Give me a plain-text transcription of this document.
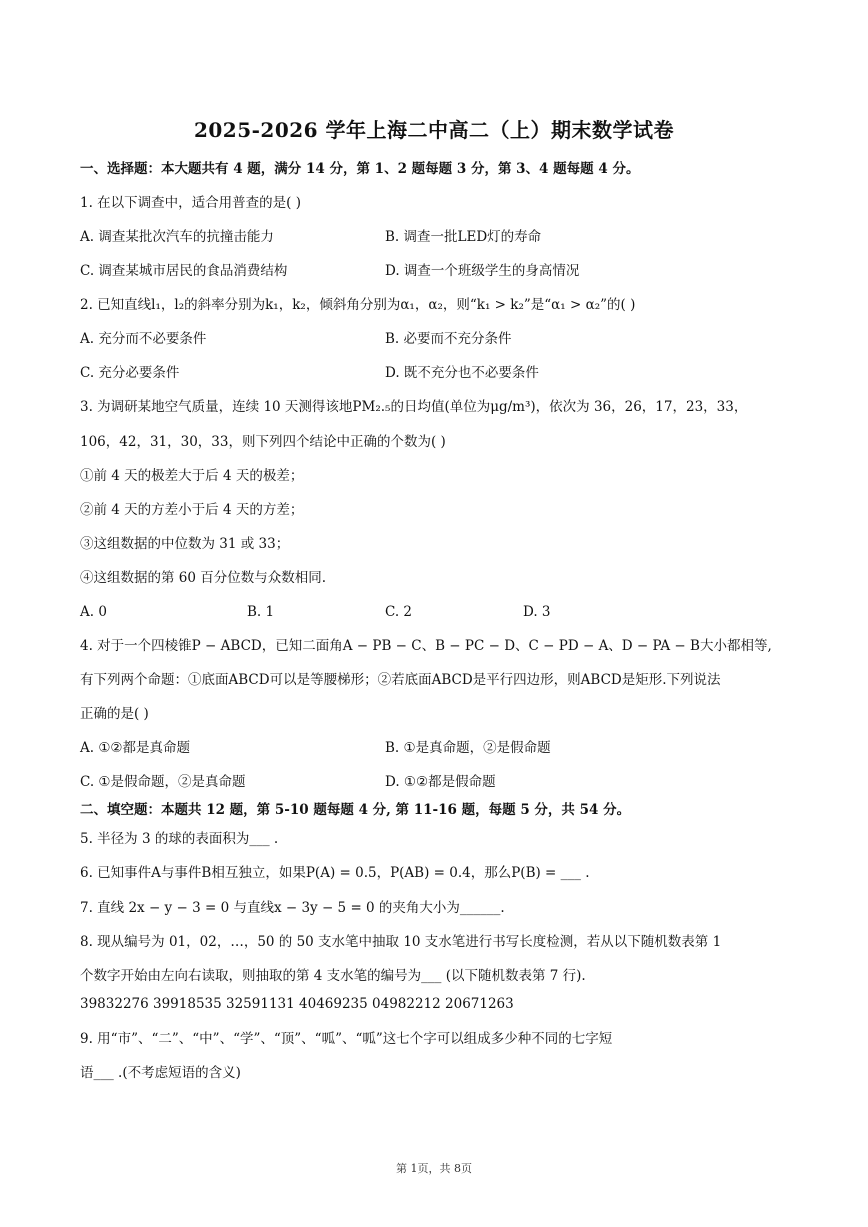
2025-2026 学年上海二中高二（上）期末数学试卷
一、选择题：本大题共有 4 题，满分 14 分，第 1、2 题每题 3 分，第 3、4 题每题 4 分。
1. 在以下调查中，适合用普查的是( )
A. 调查某批次汽车的抗撞击能力	B. 调查一批LED灯的寿命
C. 调查某城市居民的食品消费结构	D. 调查一个班级学生的身高情况
2. 已知直线l₁，l₂的斜率分别为k₁，k₂，倾斜角分别为α₁，α₂，则“k₁ > k₂”是“α₁ > α₂”的( )
A. 充分而不必要条件	B. 必要而不充分条件
C. 充分必要条件	D. 既不充分也不必要条件
3. 为调研某地空气质量，连续 10 天测得该地PM₂.₅的日均值(单位为μg/m³)，依次为 36，26，17，23，33，
106，42，31，30，33，则下列四个结论中正确的个数为( )
①前 4 天的极差大于后 4 天的极差；
②前 4 天的方差小于后 4 天的方差；
③这组数据的中位数为 31 或 33；
④这组数据的第 60 百分位数与众数相同.
A. 0	B. 1	C. 2	D. 3
4. 对于一个四棱锥P − ABCD，已知二面角A − PB − C、B − PC − D、C − PD − A、D − PA − B大小都相等,
有下列两个命题：①底面ABCD可以是等腰梯形；②若底面ABCD是平行四边形，则ABCD是矩形.下列说法
正确的是( )
A. ①②都是真命题	B. ①是真命题，②是假命题
C. ①是假命题，②是真命题	D. ①②都是假命题
二、填空题：本题共 12 题，第 5-10 题每题 4 分, 第 11-16 题，每题 5 分，共 54 分。
5. 半径为 3 的球的表面积为___ .
6. 已知事件A与事件B相互独立，如果P(A) = 0.5，P(AB) = 0.4，那么P(B) = ___ .
7. 直线 2x − y − 3 = 0 与直线x − 3y − 5 = 0 的夹角大小为______.
8. 现从编号为 01，02，…，50 的 50 支水笔中抽取 10 支水笔进行书写长度检测，若从以下随机数表第 1
个数字开始由左向右读取，则抽取的第 4 支水笔的编号为___ (以下随机数表第 7 行).
39832276 39918535 32591131 40469235 04982212 20671263
9. 用“市”、“二”、“中”、“学”、“顶”、“呱”、“呱”这七个字可以组成多少种不同的七字短
语___ .(不考虑短语的含义)
第 1页，共 8页
